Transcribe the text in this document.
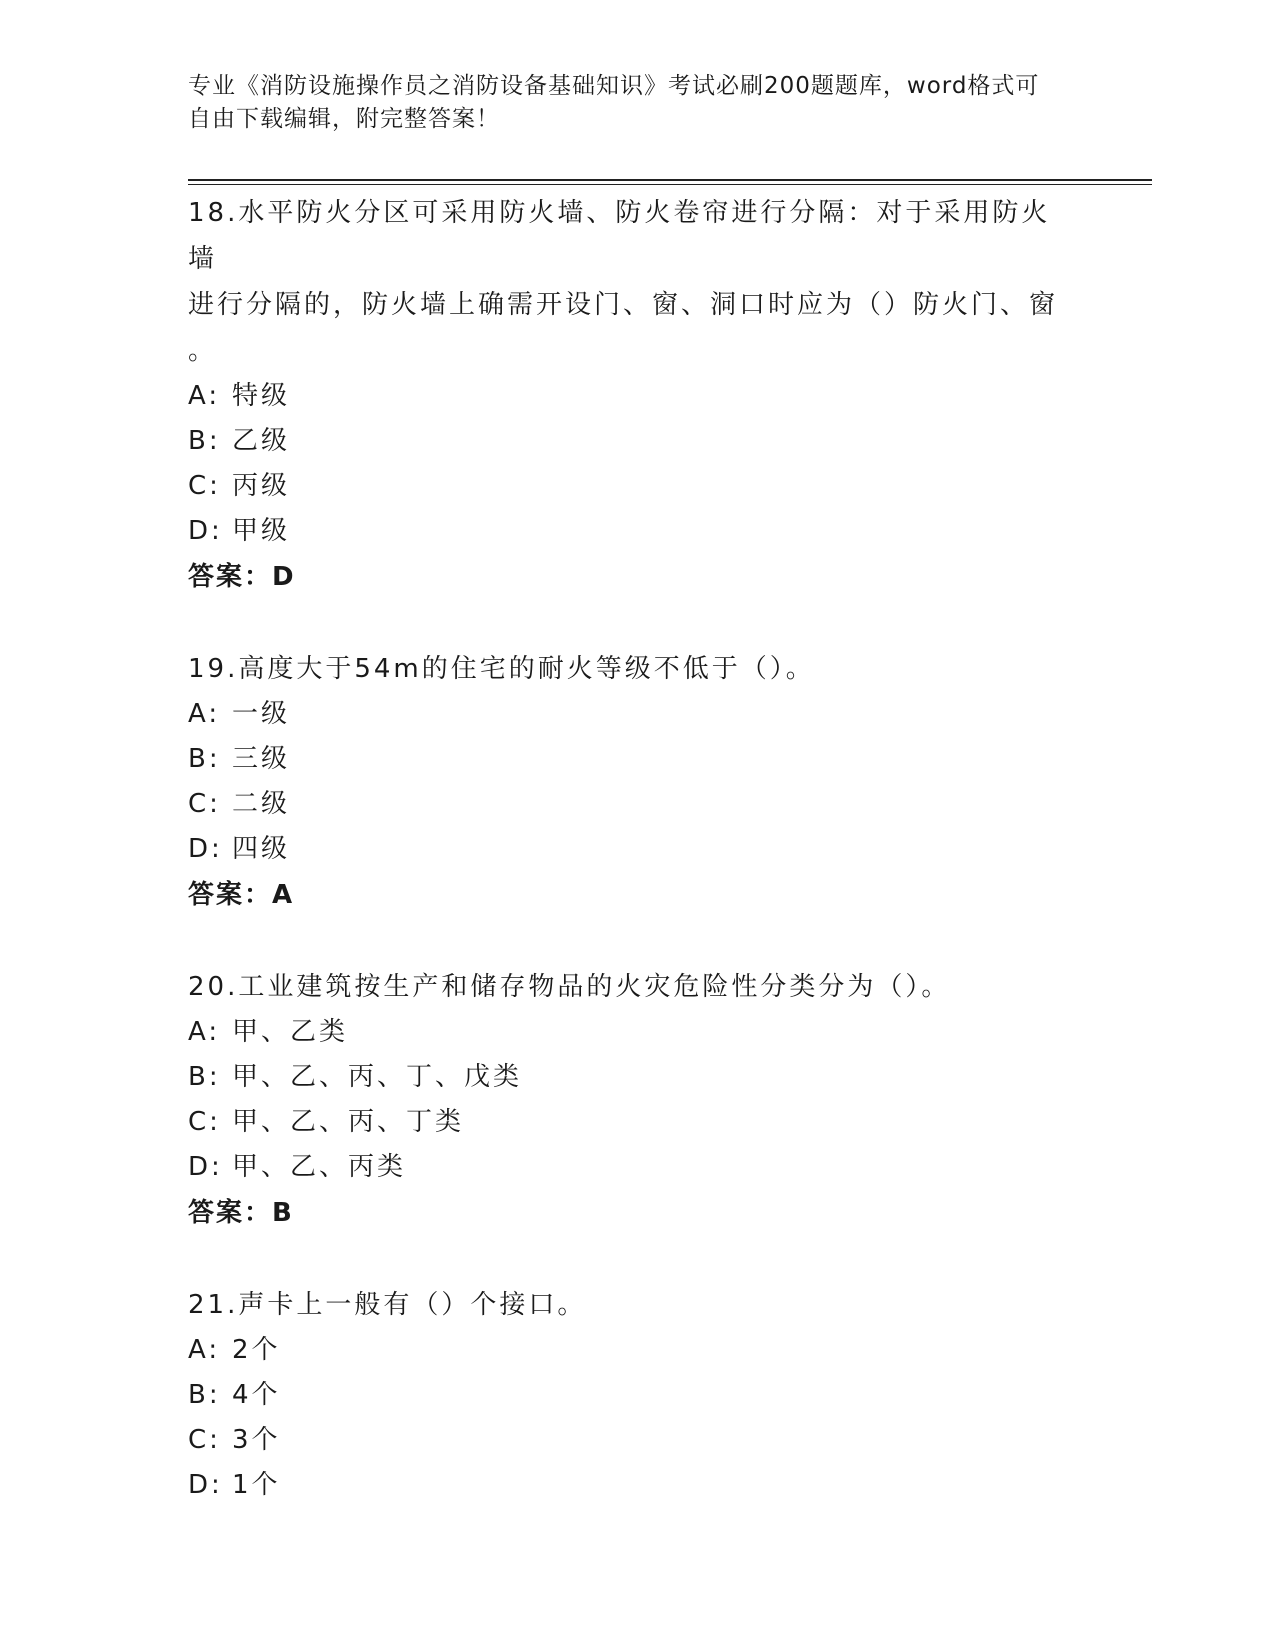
专业《消防设施操作员之消防设备基础知识》考试必刷200题题库，word格式可
自由下载编辑，附完整答案！

18.水平防火分区可采用防火墙、防火卷帘进行分隔：对于采用防火墙
进行分隔的，防火墙上确需开设门、窗、洞口时应为（）防火门、窗
。

A: 特级
B: 乙级
C: 丙级
D: 甲级

答案：D

19.高度大于54m的住宅的耐火等级不低于（）。

A: 一级
B: 三级
C: 二级
D: 四级

答案：A

20.工业建筑按生产和储存物品的火灾危险性分类分为（）。

A: 甲、乙类
B: 甲、乙、丙、丁、戊类
C: 甲、乙、丙、丁类
D: 甲、乙、丙类

答案：B

21.声卡上一般有（）个接口。

A: 2个
B: 4个
C: 3个
D: 1个
